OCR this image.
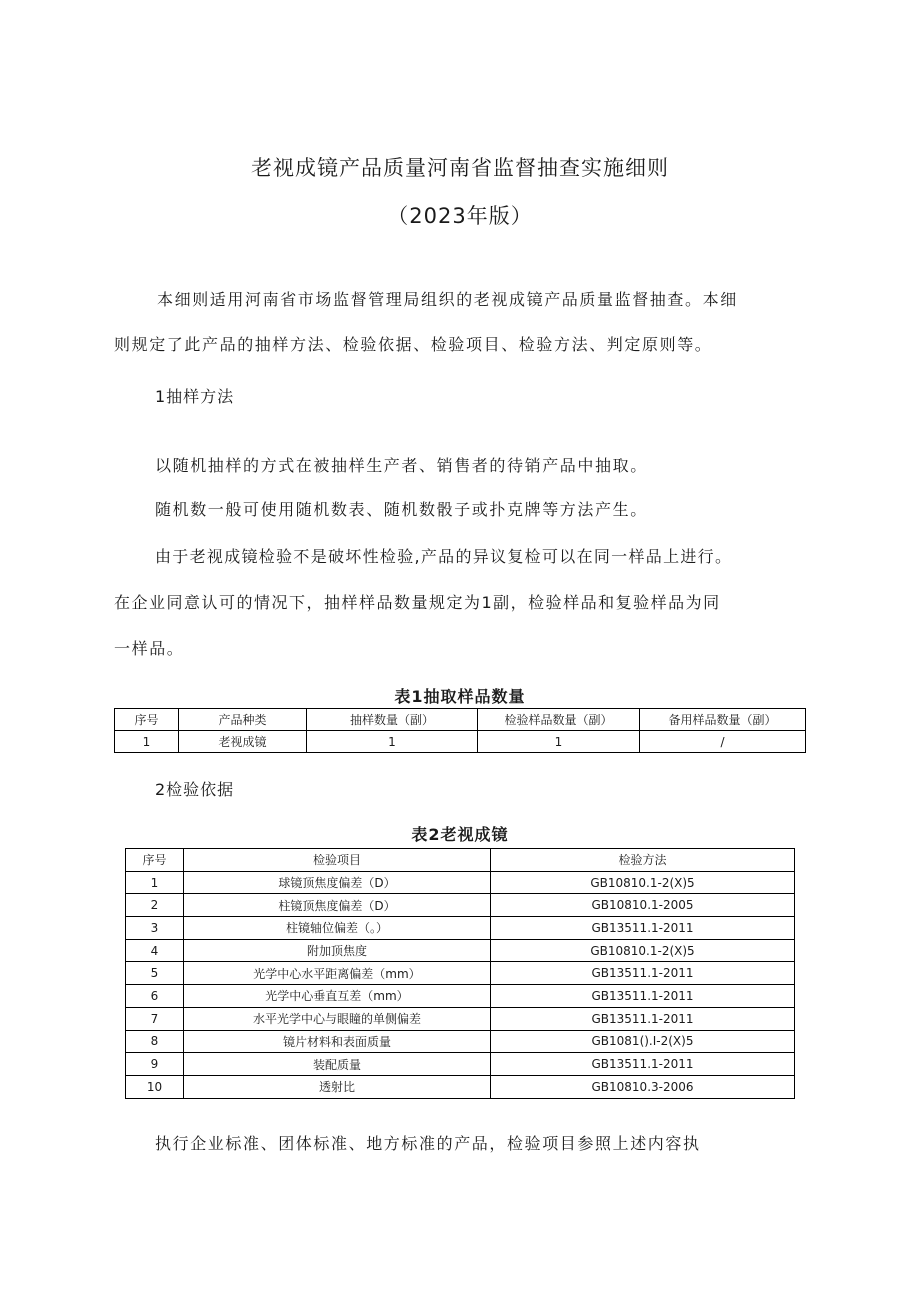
老视成镜产品质量河南省监督抽查实施细则
（2023年版）
本细则适用河南省市场监督管理局组织的老视成镜产品质量监督抽查。本细
则规定了此产品的抽样方法、检验依据、检验项目、检验方法、判定原则等。
1抽样方法
以随机抽样的方式在被抽样生产者、销售者的待销产品中抽取。
随机数一般可使用随机数表、随机数骰子或扑克牌等方法产生。
由于老视成镜检验不是破坏性检验,产品的异议复检可以在同一样品上进行。
在企业同意认可的情况下，抽样样品数量规定为1副，检验样品和复验样品为同
一样品。
表1抽取样品数量
序号	产品种类	抽样数量（副）	检验样品数量（副）	备用样品数量（副）
1	老视成镜	1	1	/
2检验依据
表2老视成镜
序号	检验项目	检验方法
1	球镜顶焦度偏差（D）	GB10810.1-2(X)5
2	柱镜顶焦度偏差（D）	GB10810.1-2005
3	柱镜轴位偏差（。）	GB13511.1-2011
4	附加顶焦度	GB10810.1-2(X)5
5	光学中心水平距离偏差（mm）	GB13511.1-2011
6	光学中心垂直互差（mm）	GB13511.1-2011
7	水平光学中心与眼瞳的单侧偏差	GB13511.1-2011
8	镜片材料和表面质量	GB1081().I-2(X)5
9	装配质量	GB13511.1-2011
10	透射比	GB10810.3-2006
执行企业标准、团体标准、地方标准的产品，检验项目参照上述内容执
